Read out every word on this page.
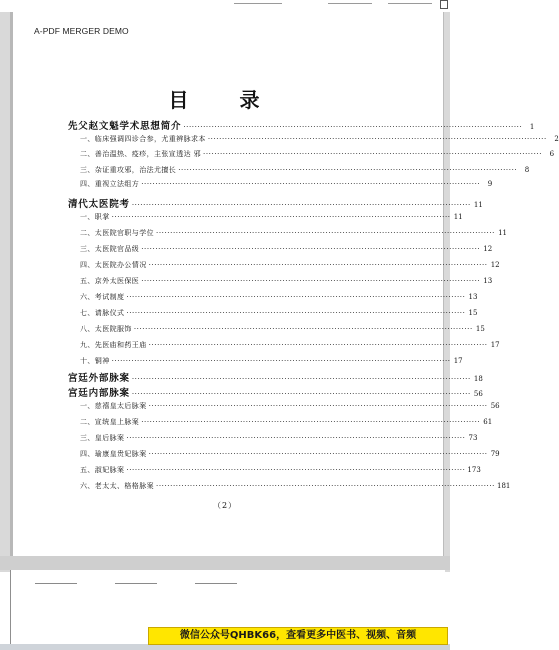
A-PDF MERGER DEMO
目 录
先父赵文魁学术思想简介 ························································································································	1
一、临床强调四诊合参，尤重辨脉求本 ························································································································	2
二、善治温热、疫疹，主张宣透达 邪 ························································································································	6
三、杂证重攻邪，治法尤擅长 ························································································································	8
四、重视立法组方 ························································································································	9
清代太医院考 ························································································································ 11
一、职掌 ························································································································ 11
二、太医院官职与学位 ························································································································ 11
三、太医院官品级 ························································································································ 12
四、太医院办公情况 ························································································································ 12
五、京外太医保医 ························································································································ 13
六、考试制度 ························································································································ 13
七、请脉仪式 ························································································································ 15
八、太医院服饰 ························································································································ 15
九、先医庙和药王庙 ························································································································ 17
十、铜神 ························································································································ 17
宫廷外部脉案 ························································································································ 18
宫廷内部脉案 ························································································································ 56
一、慈禧皇太后脉案 ························································································································ 56
二、宣统皇上脉案 ························································································································ 61
三、皇后脉案 ························································································································ 73
四、瑜康皇贵妃脉案 ························································································································ 79
五、淑妃脉案 ························································································································ 173
六、老太太、格格脉案 ························································································································ 181
（2）
微信公众号QHBK66，查看更多中医书、视频、音频
